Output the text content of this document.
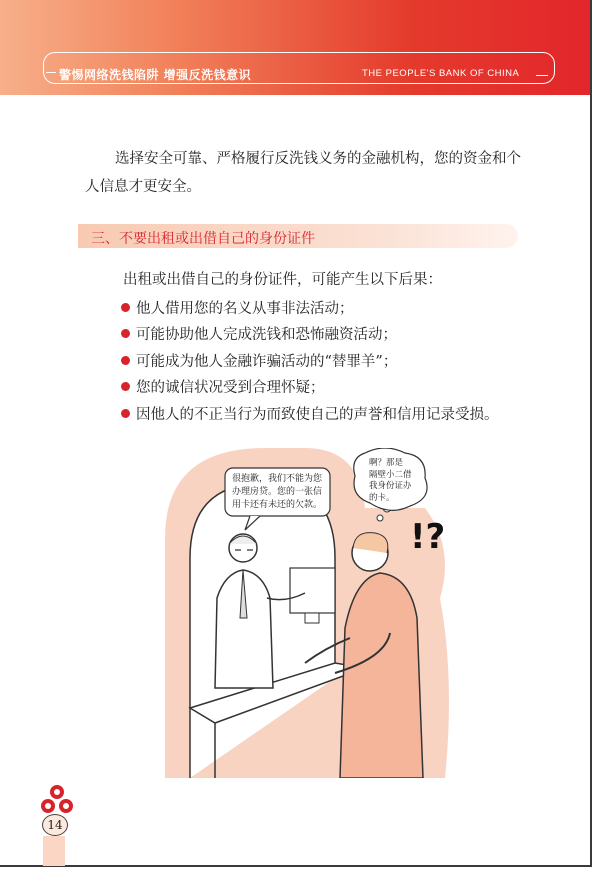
警惕网络洗钱陷阱 增强反洗钱意识	THE PEOPLE'S BANK OF CHINA

选择安全可靠、严格履行反洗钱义务的金融机构，您的资金和个人信息才更安全。

三、不要出租或出借自己的身份证件
出租或出借自己的身份证件，可能产生以下后果：
他人借用您的名义从事非法活动；
可能协助他人完成洗钱和恐怖融资活动；
可能成为他人金融诈骗活动的“替罪羊”；
您的诚信状况受到合理怀疑；
因他人的不正当行为而致使自己的声誉和信用记录受损。
!?
很抱歉，我们不能为您
办理房贷。您的一张信
用卡还有未还的欠款。
啊？那是
隔壁小二借
我身份证办
的卡。
14
